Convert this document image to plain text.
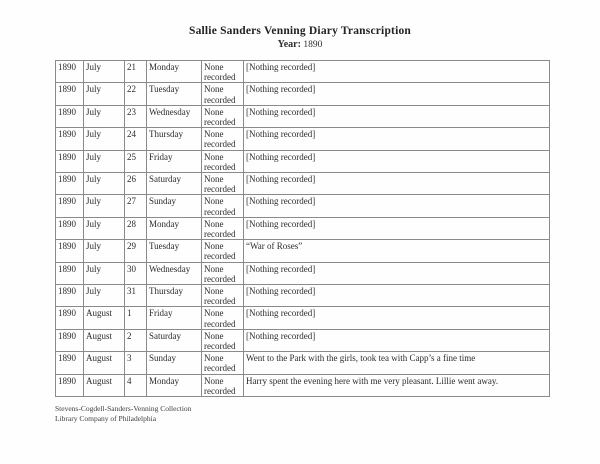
Sallie Sanders Venning Diary Transcription
Year: 1890
1890	July	21	Monday	None recorded	[Nothing recorded]
1890	July	22	Tuesday	None recorded	[Nothing recorded]
1890	July	23	Wednesday	None recorded	[Nothing recorded]
1890	July	24	Thursday	None recorded	[Nothing recorded]
1890	July	25	Friday	None recorded	[Nothing recorded]
1890	July	26	Saturday	None recorded	[Nothing recorded]
1890	July	27	Sunday	None recorded	[Nothing recorded]
1890	July	28	Monday	None recorded	[Nothing recorded]
1890	July	29	Tuesday	None recorded	“War of Roses”
1890	July	30	Wednesday	None recorded	[Nothing recorded]
1890	July	31	Thursday	None recorded	[Nothing recorded]
1890	August	1	Friday	None recorded	[Nothing recorded]
1890	August	2	Saturday	None recorded	[Nothing recorded]
1890	August	3	Sunday	None recorded	Went to the Park with the girls, took tea with Capp’s a fine time
1890	August	4	Monday	None recorded	Harry spent the evening here with me very pleasant. Lillie went away.
Stevens-Cogdell-Sanders-Venning Collection
Library Company of Philadelphia
